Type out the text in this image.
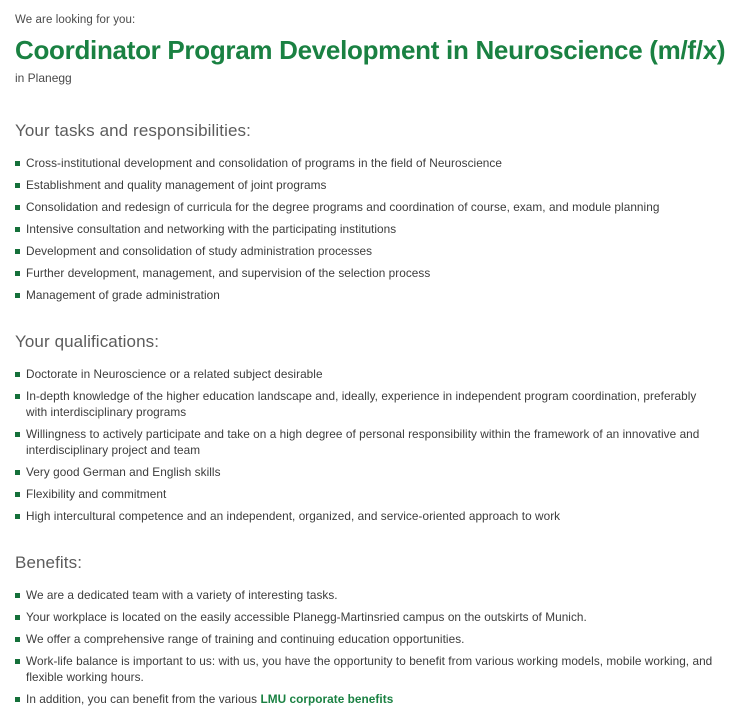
We are looking for you:
Coordinator Program Development in Neuroscience (m/f/x)
in Planegg
Your tasks and responsibilities:
Cross-institutional development and consolidation of programs in the field of Neuroscience
Establishment and quality management of joint programs
Consolidation and redesign of curricula for the degree programs and coordination of course, exam, and module planning
Intensive consultation and networking with the participating institutions
Development and consolidation of study administration processes
Further development, management, and supervision of the selection process
Management of grade administration
Your qualifications:
Doctorate in Neuroscience or a related subject desirable
In-depth knowledge of the higher education landscape and, ideally, experience in independent program coordination, preferably with interdisciplinary programs
Willingness to actively participate and take on a high degree of personal responsibility within the framework of an innovative and interdisciplinary project and team
Very good German and English skills
Flexibility and commitment
High intercultural competence and an independent, organized, and service-oriented approach to work
Benefits:
We are a dedicated team with a variety of interesting tasks.
Your workplace is located on the easily accessible Planegg-Martinsried campus on the outskirts of Munich.
We offer a comprehensive range of training and continuing education opportunities.
Work-life balance is important to us: with us, you have the opportunity to benefit from various working models, mobile working, and flexible working hours.
In addition, you can benefit from the various LMU corporate benefits
